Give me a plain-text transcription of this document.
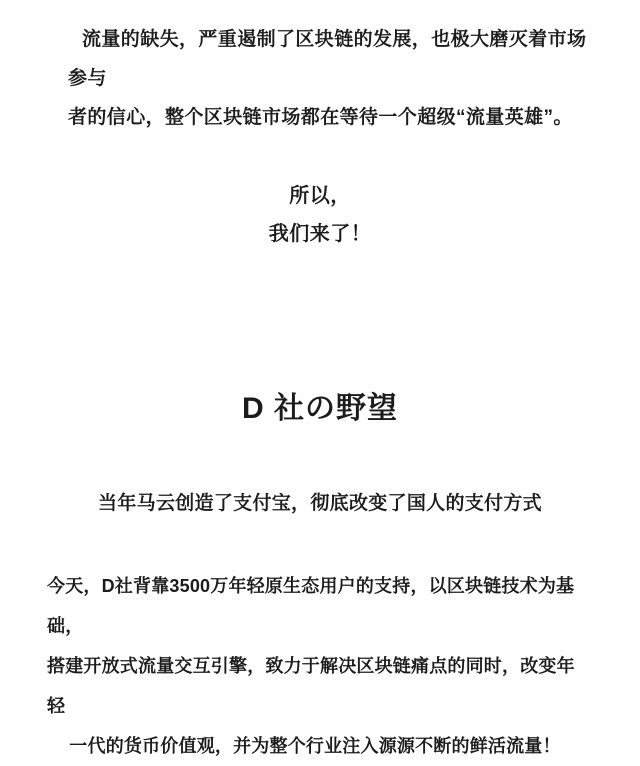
流量的缺失，严重遏制了区块链的发展，也极大磨灭着市场参与
者的信心，整个区块链市场都在等待一个超级“流量英雄”。
所以，
我们来了！
D 社の野望
当年马云创造了支付宝，彻底改变了国人的支付方式
今天，D社背靠3500万年轻原生态用户的支持，以区块链技术为基础，
搭建开放式流量交互引擎，致力于解决区块链痛点的同时，改变年轻
一代的货币价值观，并为整个行业注入源源不断的鲜活流量！
